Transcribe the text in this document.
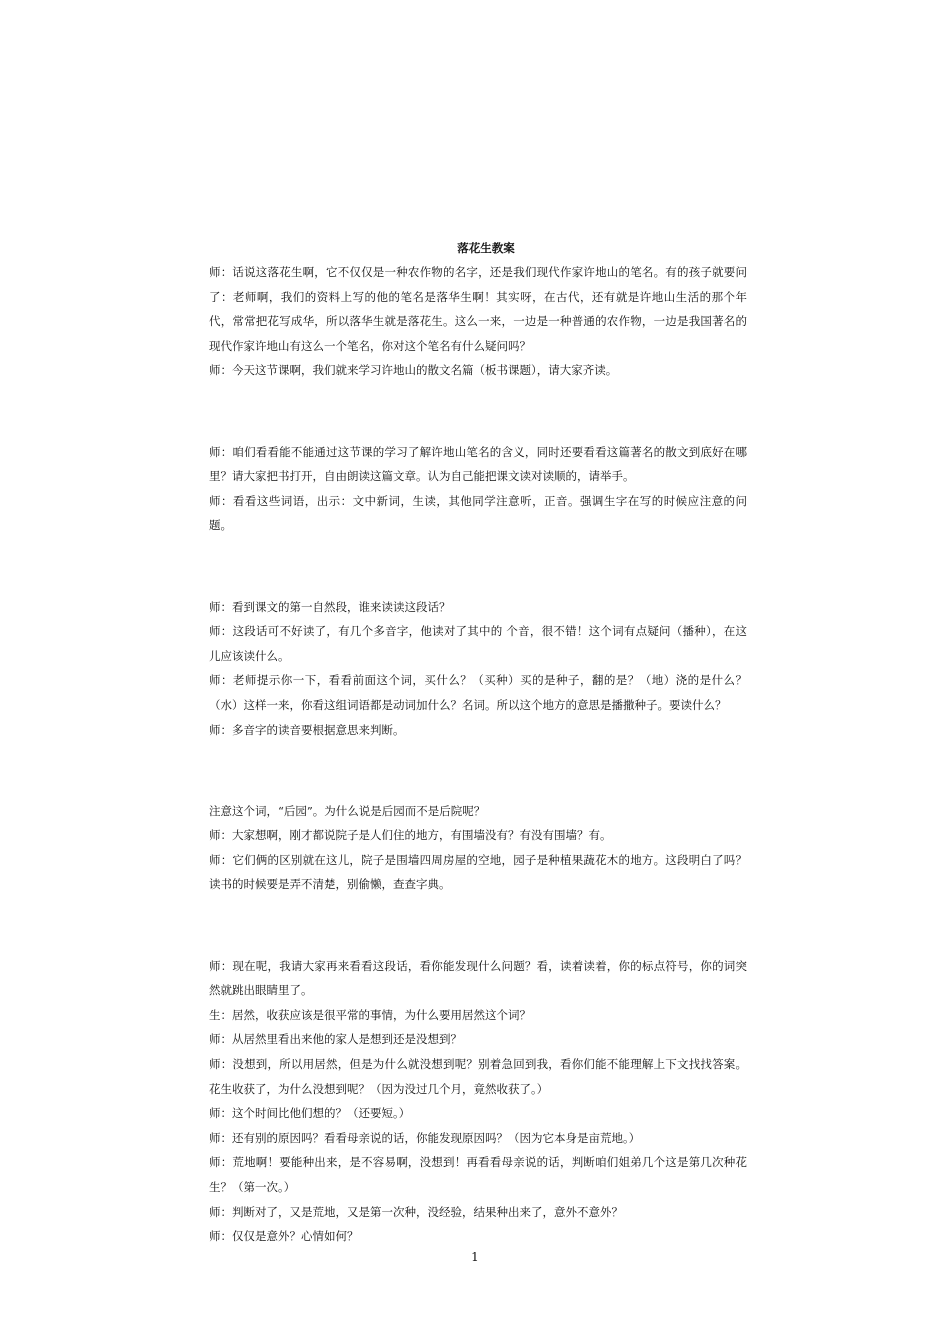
落花生教案

师：话说这落花生啊，它不仅仅是一种农作物的名字，还是我们现代作家许地山的笔名。有的孩子就要问了：老师啊，我们的资料上写的他的笔名是落华生啊！其实呀，在古代，还有就是许地山生活的那个年代，常常把花写成华，所以落华生就是落花生。这么一来，一边是一种普通的农作物，一边是我国著名的现代作家许地山有这么一个笔名，你对这个笔名有什么疑问吗？

师：今天这节课啊，我们就来学习许地山的散文名篇（板书课题），请大家齐读。

师：咱们看看能不能通过这节课的学习了解许地山笔名的含义，同时还要看看这篇著名的散文到底好在哪里？请大家把书打开，自由朗读这篇文章。认为自己能把课文读对读顺的，请举手。

师：看看这些词语，出示：文中新词，生读，其他同学注意听，正音。强调生字在写的时候应注意的问题。

师：看到课文的第一自然段，谁来读读这段话？

师：这段话可不好读了，有几个多音字，他读对了其中的 个音，很不错！这个词有点疑问（播种），在这儿应该读什么。

师：老师提示你一下，看看前面这个词，买什么？（买种）买的是种子，翻的是？（地）浇的是什么？（水）这样一来，你看这组词语都是动词加什么？名词。所以这个地方的意思是播撒种子。要读什么？

师：多音字的读音要根据意思来判断。

注意这个词，“后园”。为什么说是后园而不是后院呢？

师：大家想啊，刚才都说院子是人们住的地方，有围墙没有？有没有围墙？有。

师：它们俩的区别就在这儿，院子是围墙四周房屋的空地，园子是种植果蔬花木的地方。这段明白了吗？读书的时候要是弄不清楚，别偷懒，查查字典。

师：现在呢，我请大家再来看看这段话，看你能发现什么问题？看，读着读着，你的标点符号，你的词突然就跳出眼睛里了。

生：居然，收获应该是很平常的事情，为什么要用居然这个词？

师：从居然里看出来他的家人是想到还是没想到？

师：没想到，所以用居然，但是为什么就没想到呢？别着急回到我，看你们能不能理解上下文找找答案。花生收获了，为什么没想到呢？（因为没过几个月，竟然收获了。）

师：这个时间比他们想的？（还要短。）

师：还有别的原因吗？看看母亲说的话，你能发现原因吗？（因为它本身是亩荒地。）

师：荒地啊！要能种出来，是不容易啊，没想到！再看看母亲说的话，判断咱们姐弟几个这是第几次种花生？（第一次。）

师：判断对了，又是荒地，又是第一次种，没经验，结果种出来了，意外不意外？

师：仅仅是意外？心情如何？

1
